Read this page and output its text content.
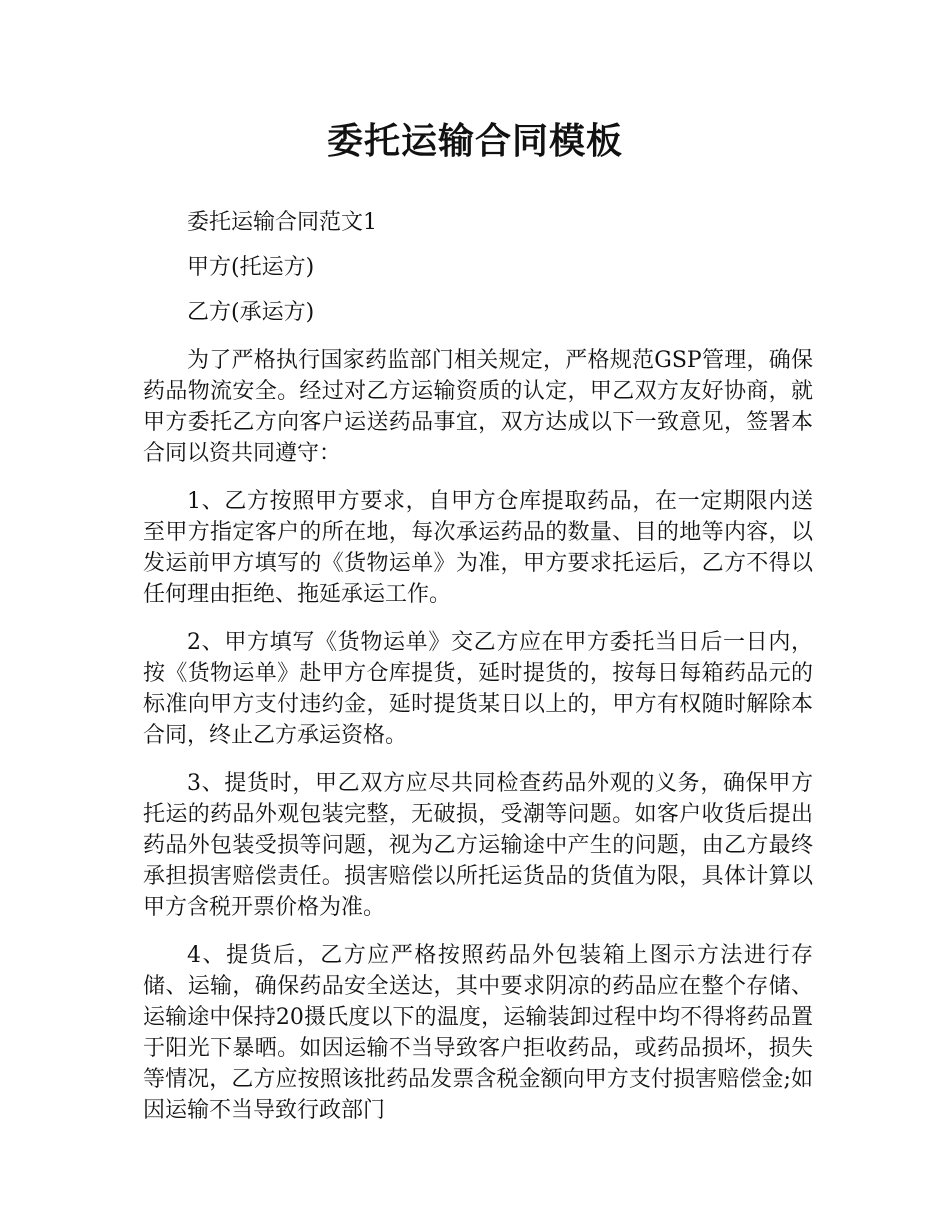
委托运输合同模板

委托运输合同范文1

甲方(托运方)

乙方(承运方)

为了严格执行国家药监部门相关规定，严格规范GSP管理，确保药品物流安全。经过对乙方运输资质的认定，甲乙双方友好协商，就甲方委托乙方向客户运送药品事宜，双方达成以下一致意见，签署本合同以资共同遵守：

1、乙方按照甲方要求，自甲方仓库提取药品，在一定期限内送至甲方指定客户的所在地，每次承运药品的数量、目的地等内容，以发运前甲方填写的《货物运单》为准，甲方要求托运后，乙方不得以任何理由拒绝、拖延承运工作。

2、甲方填写《货物运单》交乙方应在甲方委托当日后一日内，按《货物运单》赴甲方仓库提货，延时提货的，按每日每箱药品元的标准向甲方支付违约金，延时提货某日以上的，甲方有权随时解除本合同，终止乙方承运资格。

3、提货时，甲乙双方应尽共同检查药品外观的义务，确保甲方托运的药品外观包装完整，无破损，受潮等问题。如客户收货后提出药品外包装受损等问题，视为乙方运输途中产生的问题，由乙方最终承担损害赔偿责任。损害赔偿以所托运货品的货值为限，具体计算以甲方含税开票价格为准。

4、提货后，乙方应严格按照药品外包装箱上图示方法进行存储、运输，确保药品安全送达，其中要求阴凉的药品应在整个存储、运输途中保持20摄氏度以下的温度，运输装卸过程中均不得将药品置于阳光下暴晒。如因运输不当导致客户拒收药品，或药品损坏，损失等情况，乙方应按照该批药品发票含税金额向甲方支付损害赔偿金;如因运输不当导致行政部门
